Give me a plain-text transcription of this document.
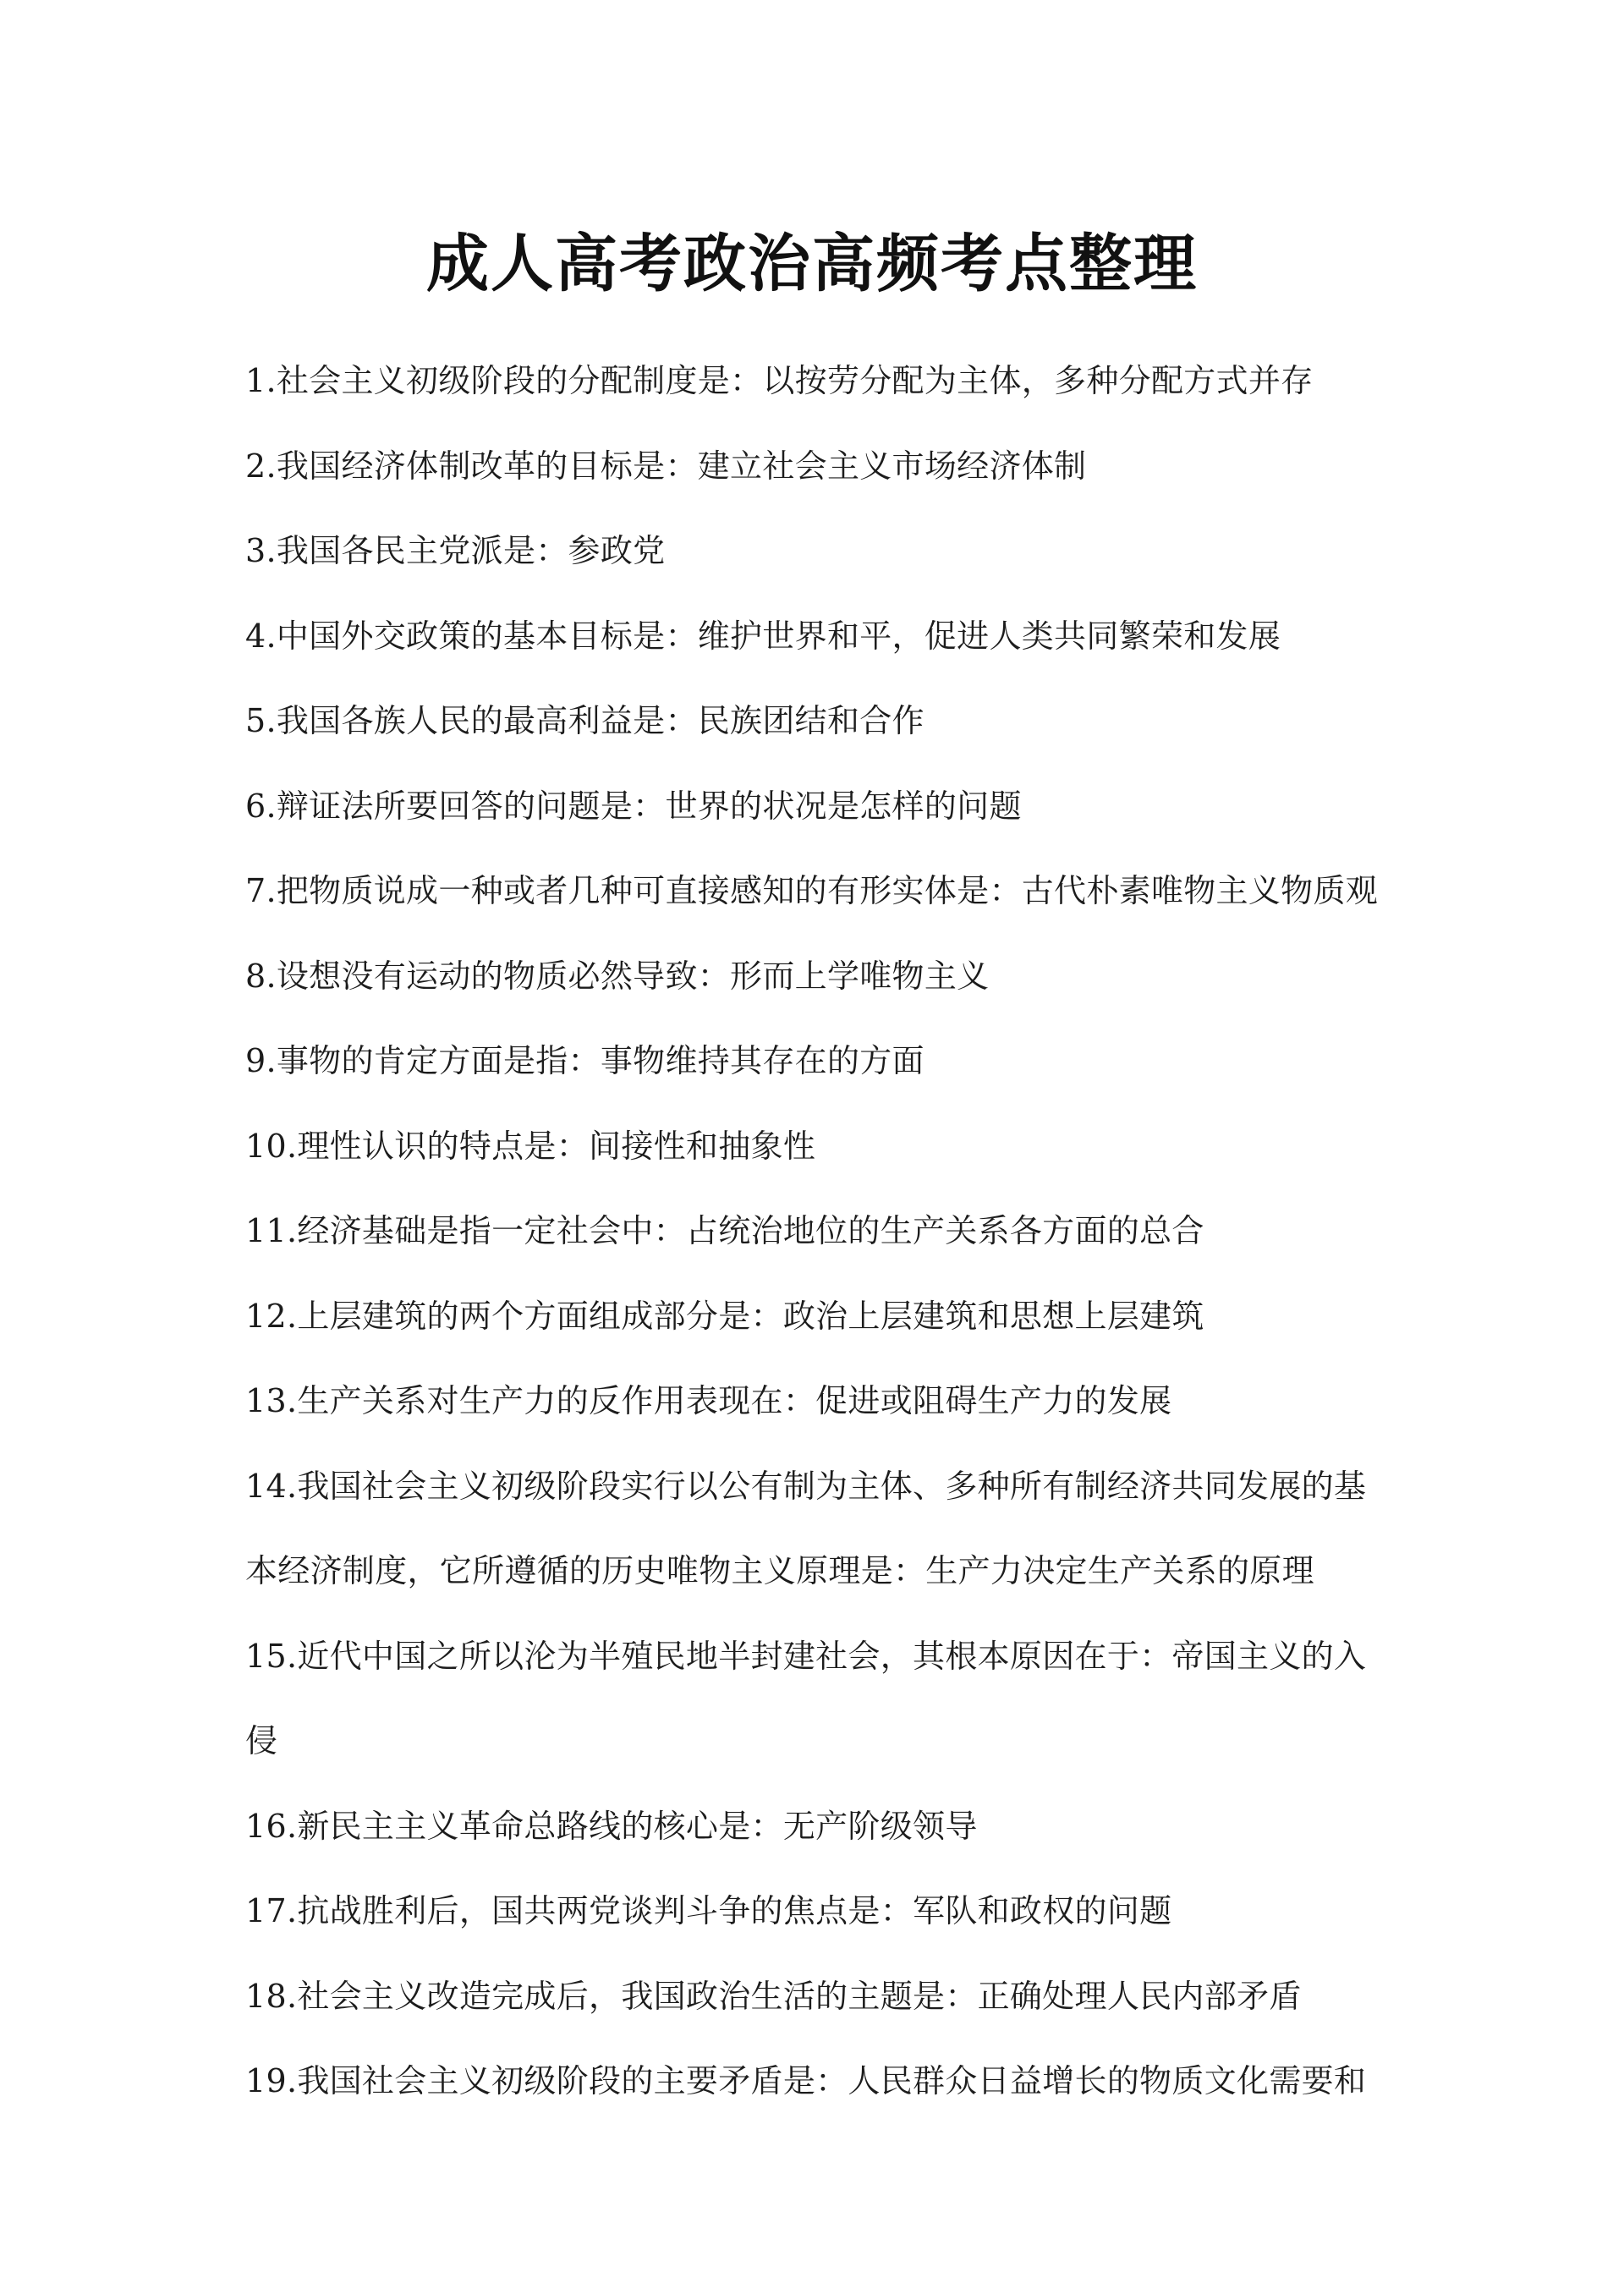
成人高考政治高频考点整理
1.社会主义初级阶段的分配制度是：以按劳分配为主体，多种分配方式并存
2.我国经济体制改革的目标是：建立社会主义市场经济体制
3.我国各民主党派是：参政党
4.中国外交政策的基本目标是：维护世界和平，促进人类共同繁荣和发展
5.我国各族人民的最高利益是：民族团结和合作
6.辩证法所要回答的问题是：世界的状况是怎样的问题
7.把物质说成一种或者几种可直接感知的有形实体是：古代朴素唯物主义物质观
8.设想没有运动的物质必然导致：形而上学唯物主义
9.事物的肯定方面是指：事物维持其存在的方面
10.理性认识的特点是：间接性和抽象性
11.经济基础是指一定社会中：占统治地位的生产关系各方面的总合
12.上层建筑的两个方面组成部分是：政治上层建筑和思想上层建筑
13.生产关系对生产力的反作用表现在：促进或阻碍生产力的发展
14.我国社会主义初级阶段实行以公有制为主体、多种所有制经济共同发展的基
本经济制度，它所遵循的历史唯物主义原理是：生产力决定生产关系的原理
15.近代中国之所以沦为半殖民地半封建社会，其根本原因在于：帝国主义的入
侵
16.新民主主义革命总路线的核心是：无产阶级领导
17.抗战胜利后，国共两党谈判斗争的焦点是：军队和政权的问题
18.社会主义改造完成后，我国政治生活的主题是：正确处理人民内部矛盾
19.我国社会主义初级阶段的主要矛盾是：人民群众日益增长的物质文化需要和
